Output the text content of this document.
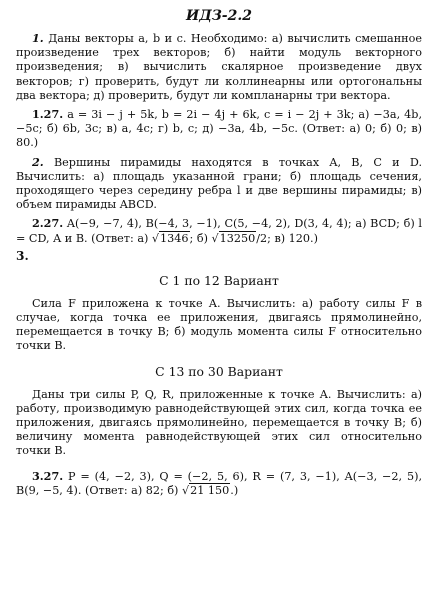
ИДЗ-2.2

1. Даны векторы a, b и c. Необходимо: а) вычислить смешанное произведение трех векторов; б) найти модуль векторного произведения; в) вычислить скалярное произведение двух векторов; г) проверить, будут ли коллинеарны или ортогональны два вектора; д) проверить, будут ли компланарны три вектора.

1.27. a = 3i − j + 5k, b = 2i − 4j + 6k, c = i − 2j + 3k; а) −3a, 4b, −5c; б) 6b, 3c; в) a, 4c; г) b, c; д) −3a, 4b, −5c. (Ответ: а) 0; б) 0; в) 80.)

2. Вершины пирамиды находятся в точках A, B, C и D. Вычислить: а) площадь указанной грани; б) площадь сечения, проходящего через середину ребра l и две вершины пирамиды; в) объем пирамиды ABCD.

2.27. A(−9, −7, 4), B(−4, 3, −1), C(5, −4, 2), D(3, 4, 4); а) BCD; б) l = CD, A и B. (Ответ: а) √1346; б) √13250/2; в) 120.)

3.
С 1 по 12 Вариант

Сила F приложена к точке A. Вычислить: а) работу силы F в случае, когда точка ее приложения, двигаясь прямолинейно, перемещается в точку B; б) модуль момента силы F относительно точки B.

С 13 по 30 Вариант

Даны три силы P, Q, R, приложенные к точке A. Вычислить: а) работу, производимую равнодействующей этих сил, когда точка ее приложения, двигаясь прямолинейно, перемещается в точку B; б) величину момента равнодействующей этих сил относительно точки B.

3.27. P = (4, −2, 3), Q = (−2, 5, 6), R = (7, 3, −1), A(−3, −2, 5), B(9, −5, 4). (Ответ: а) 82; б) √21 150.)
